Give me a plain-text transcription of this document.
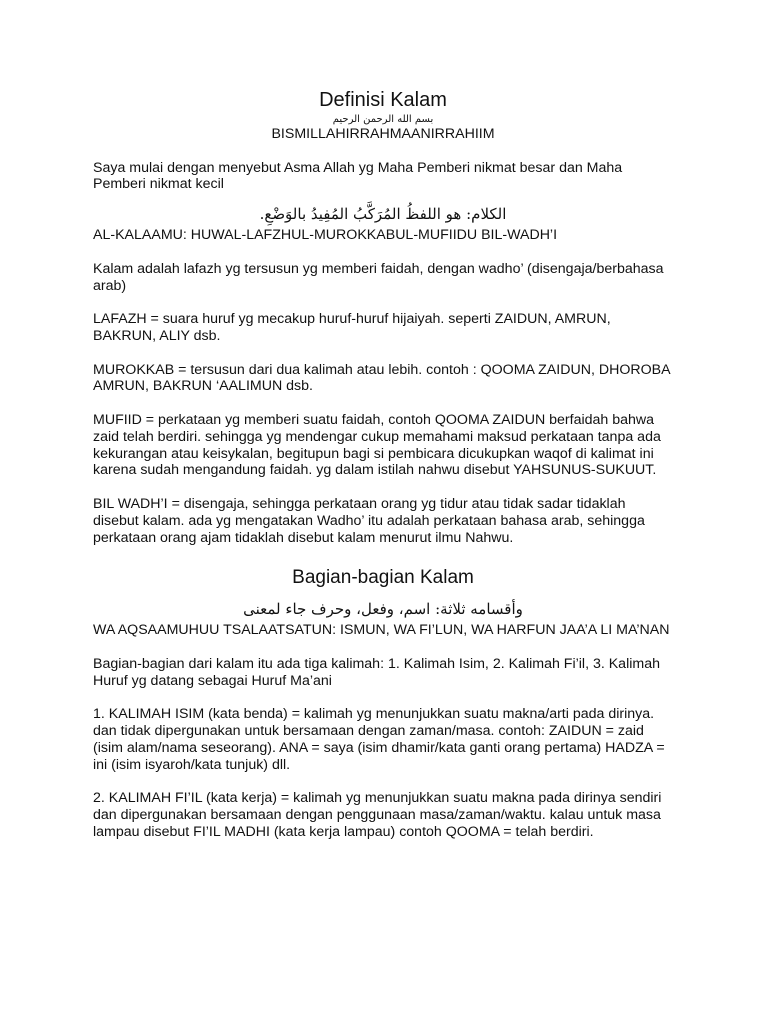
Definisi Kalam

بسم الله الرحمن الرحيم

BISMILLAHIRRAHMAANIRRAHIIM

Saya mulai dengan menyebut Asma Allah yg Maha Pemberi nikmat besar dan Maha Pemberi nikmat kecil

الكلام: هو اللفظُ المُرَكَّبُ المُفِيدُ بالوَضْعِ.

AL-KALAAMU: HUWAL-LAFZHUL-MUROKKABUL-MUFIIDU BIL-WADH’I

Kalam adalah lafazh yg tersusun yg memberi faidah, dengan wadho’ (disengaja/berbahasa arab)

LAFAZH = suara huruf yg mecakup huruf-huruf hijaiyah. seperti ZAIDUN, AMRUN, BAKRUN, ALIY dsb.

MUROKKAB = tersusun dari dua kalimah atau lebih. contoh : QOOMA ZAIDUN, DHOROBA AMRUN, BAKRUN ‘AALIMUN dsb.

MUFIID = perkataan yg memberi suatu faidah, contoh QOOMA ZAIDUN berfaidah bahwa zaid telah berdiri. sehingga yg mendengar cukup memahami maksud perkataan tanpa ada kekurangan atau keisykalan, begitupun bagi si pembicara dicukupkan waqof di kalimat ini karena sudah mengandung faidah. yg dalam istilah nahwu disebut YAHSUNUS-SUKUUT.

BIL WADH’I = disengaja, sehingga perkataan orang yg tidur atau tidak sadar tidaklah disebut kalam. ada yg mengatakan Wadho’ itu adalah perkataan bahasa arab, sehingga perkataan orang ajam tidaklah disebut kalam menurut ilmu Nahwu.

Bagian-bagian Kalam

وأقسامه ثلاثة: اسم، وفعل، وحرف جاء لمعنى

WA AQSAAMUHUU TSALAATSATUN: ISMUN, WA FI’LUN, WA HARFUN JAA’A LI MA’NAN

Bagian-bagian dari kalam itu ada tiga kalimah: 1. Kalimah Isim, 2. Kalimah Fi’il, 3. Kalimah Huruf yg datang sebagai Huruf Ma’ani

1. KALIMAH ISIM (kata benda) = kalimah yg menunjukkan suatu makna/arti pada dirinya. dan tidak dipergunakan untuk bersamaan dengan zaman/masa. contoh: ZAIDUN = zaid (isim alam/nama seseorang). ANA = saya (isim dhamir/kata ganti orang pertama) HADZA = ini (isim isyaroh/kata tunjuk) dll.

2. KALIMAH FI’IL (kata kerja) = kalimah yg menunjukkan suatu makna pada dirinya sendiri dan dipergunakan bersamaan dengan penggunaan masa/zaman/waktu. kalau untuk masa lampau disebut FI’IL MADHI (kata kerja lampau) contoh QOOMA = telah berdiri.
